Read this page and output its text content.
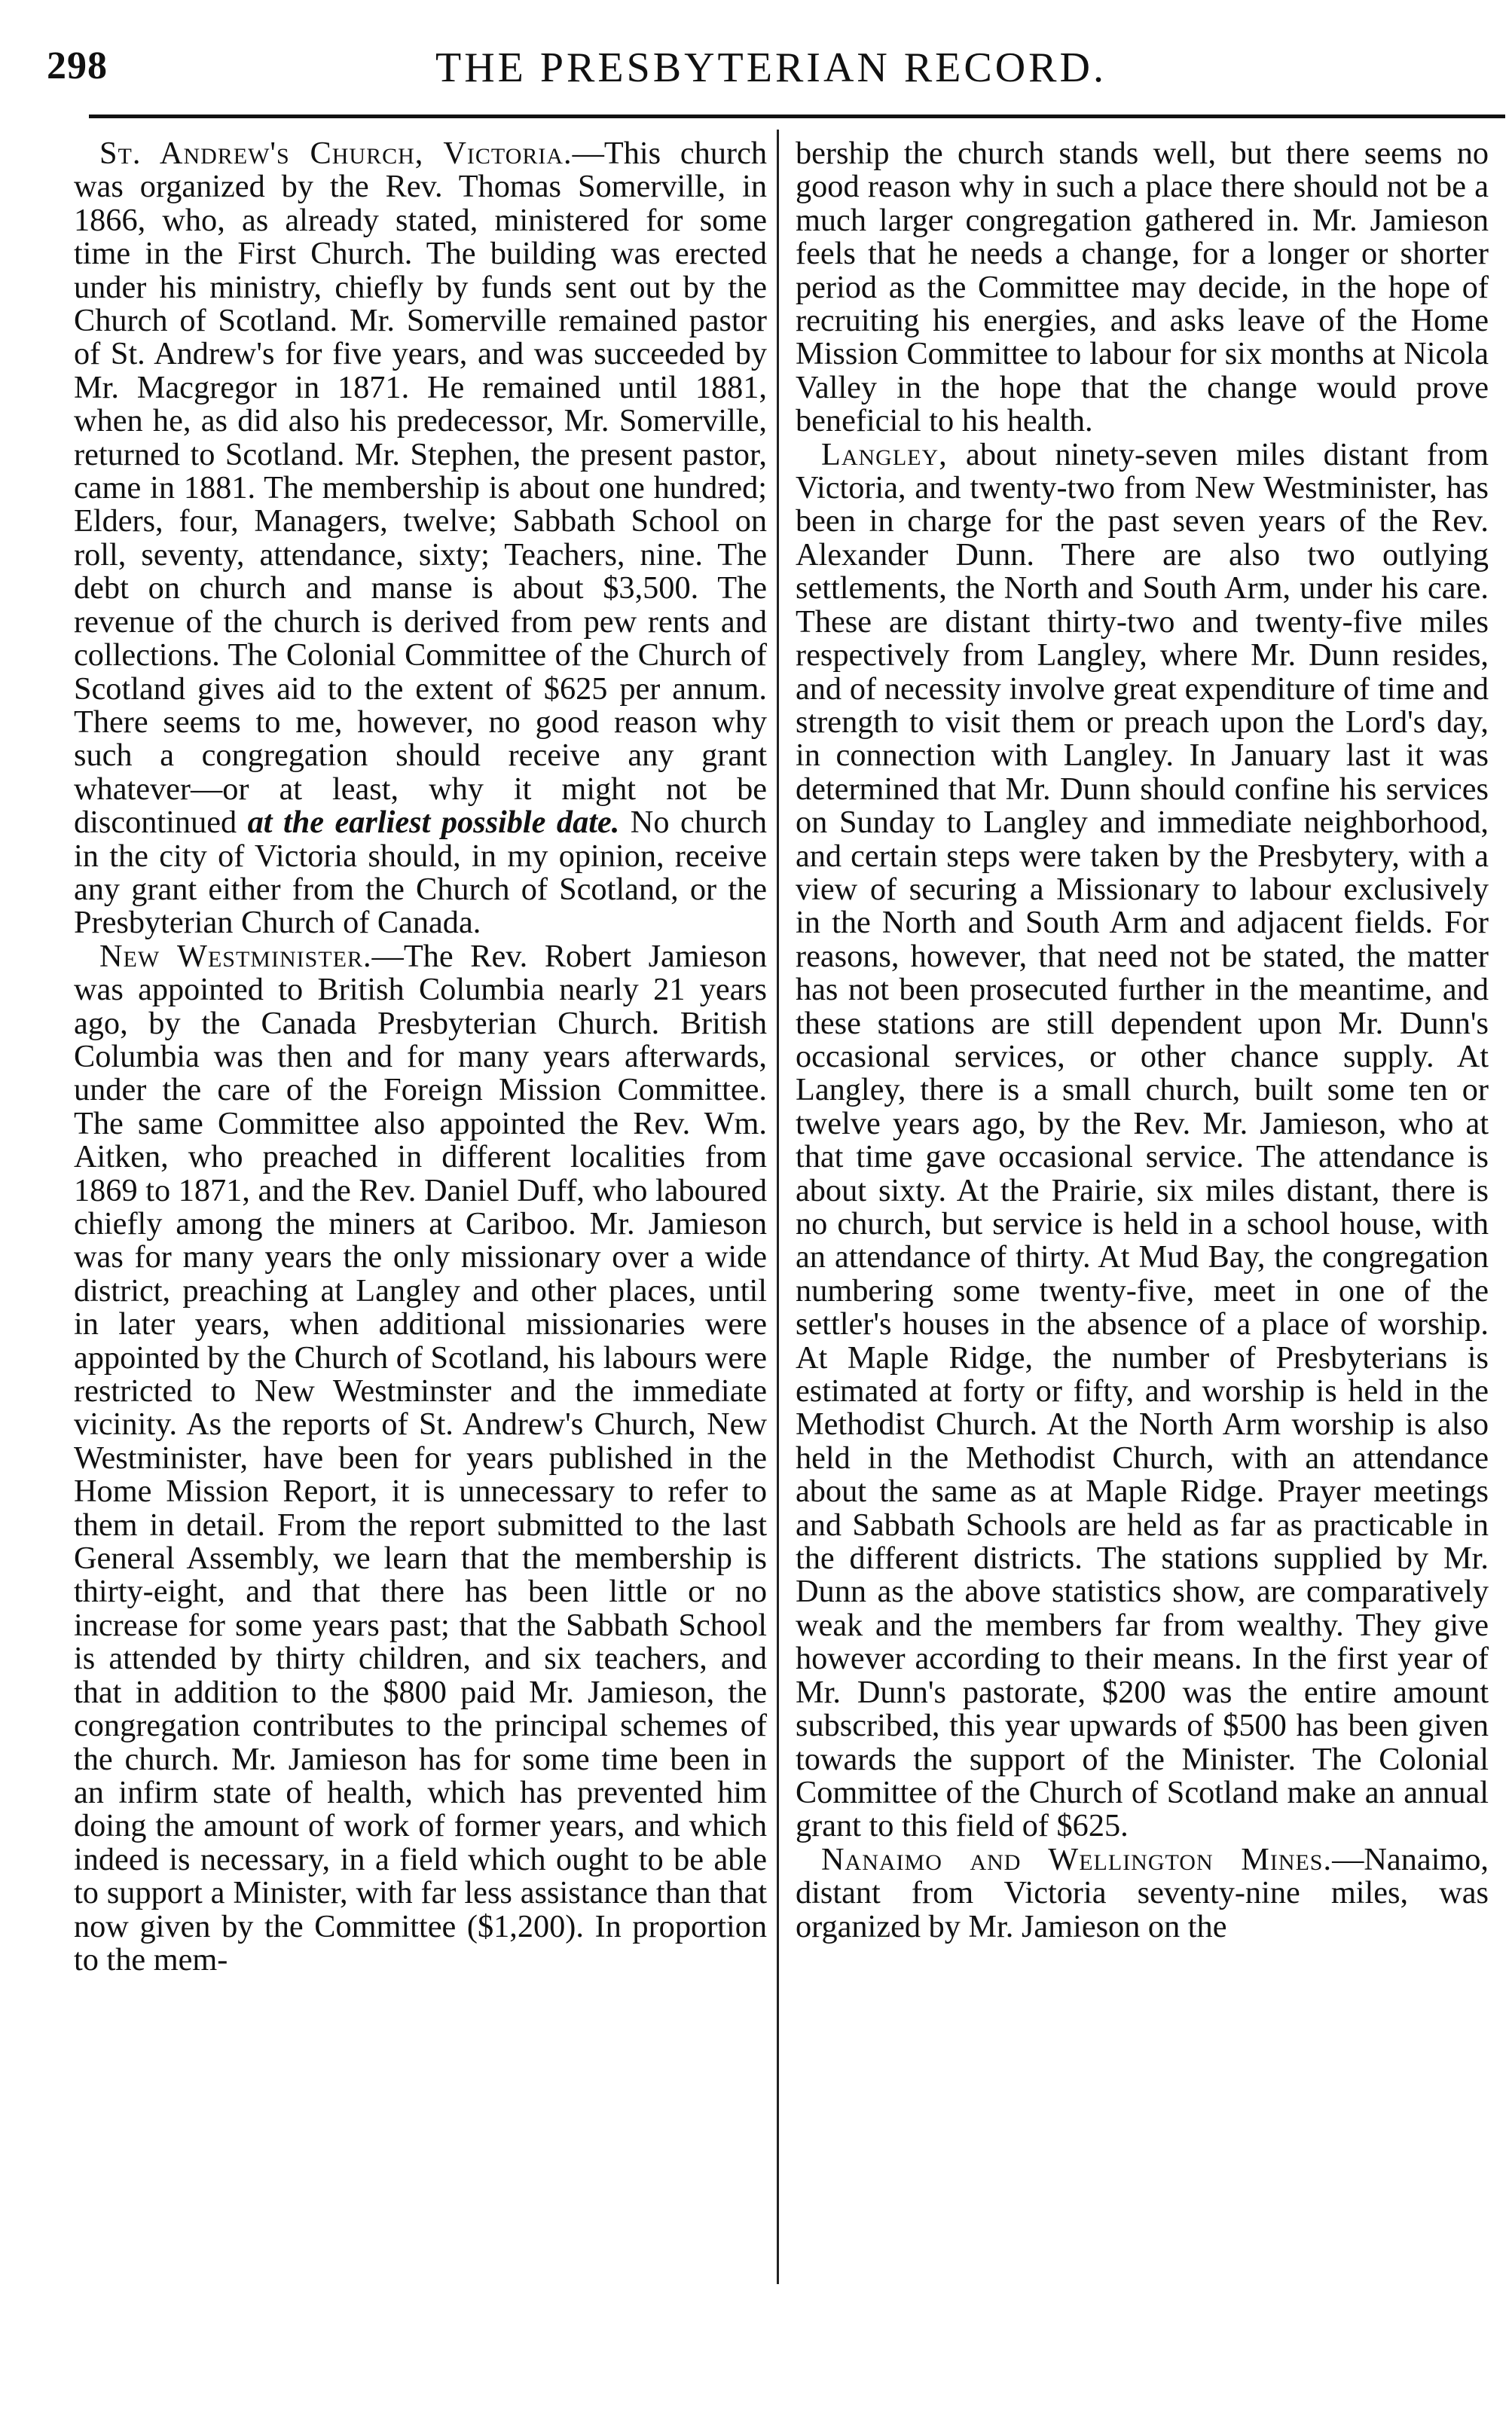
298	THE PRESBYTERIAN RECORD.

St. Andrew's Church, Victoria.—This church was organized by the Rev. Thomas Somerville, in 1866, who, as already stated, ministered for some time in the First Church. The building was erected under his ministry, chiefly by funds sent out by the Church of Scotland. Mr. Somerville remained pastor of St. Andrew's for five years, and was succeeded by Mr. Macgregor in 1871. He remained until 1881, when he, as did also his predecessor, Mr. Somerville, returned to Scotland. Mr. Stephen, the present pastor, came in 1881. The membership is about one hundred; Elders, four, Managers, twelve; Sabbath School on roll, seventy, attendance, sixty; Teachers, nine. The debt on church and manse is about $3,500. The revenue of the church is derived from pew rents and collections. The Colonial Committee of the Church of Scotland gives aid to the extent of $625 per annum. There seems to me, however, no good reason why such a congregation should receive any grant whatever—or at least, why it might not be discontinued at the earliest possible date. No church in the city of Victoria should, in my opinion, receive any grant either from the Church of Scotland, or the Presbyterian Church of Canada.

New Westminister.—The Rev. Robert Jamieson was appointed to British Columbia nearly 21 years ago, by the Canada Presbyterian Church. British Columbia was then and for many years afterwards, under the care of the Foreign Mission Committee. The same Committee also appointed the Rev. Wm. Aitken, who preached in different localities from 1869 to 1871, and the Rev. Daniel Duff, who laboured chiefly among the miners at Cariboo. Mr. Jamieson was for many years the only missionary over a wide district, preaching at Langley and other places, until in later years, when additional missionaries were appointed by the Church of Scotland, his labours were restricted to New Westminster and the immediate vicinity. As the reports of St. Andrew's Church, New Westminister, have been for years published in the Home Mission Report, it is unnecessary to refer to them in detail. From the report submitted to the last General Assembly, we learn that the membership is thirty-eight, and that there has been little or no increase for some years past; that the Sabbath School is attended by thirty children, and six teachers, and that in addition to the $800 paid Mr. Jamieson, the congregation contributes to the principal schemes of the church. Mr. Jamieson has for some time been in an infirm state of health, which has prevented him doing the amount of work of former years, and which indeed is necessary, in a field which ought to be able to support a Minister, with far less assistance than that now given by the Committee ($1,200). In proportion to the mem-

bership the church stands well, but there seems no good reason why in such a place there should not be a much larger congregation gathered in. Mr. Jamieson feels that he needs a change, for a longer or shorter period as the Committee may decide, in the hope of recruiting his energies, and asks leave of the Home Mission Committee to labour for six months at Nicola Valley in the hope that the change would prove beneficial to his health.

Langley, about ninety-seven miles distant from Victoria, and twenty-two from New Westminister, has been in charge for the past seven years of the Rev. Alexander Dunn. There are also two outlying settlements, the North and South Arm, under his care. These are distant thirty-two and twenty-five miles respectively from Langley, where Mr. Dunn resides, and of necessity involve great expenditure of time and strength to visit them or preach upon the Lord's day, in connection with Langley. In January last it was determined that Mr. Dunn should confine his services on Sunday to Langley and immediate neighborhood, and certain steps were taken by the Presbytery, with a view of securing a Missionary to labour exclusively in the North and South Arm and adjacent fields. For reasons, however, that need not be stated, the matter has not been prosecuted further in the meantime, and these stations are still dependent upon Mr. Dunn's occasional services, or other chance supply. At Langley, there is a small church, built some ten or twelve years ago, by the Rev. Mr. Jamieson, who at that time gave occasional service. The attendance is about sixty. At the Prairie, six miles distant, there is no church, but service is held in a school house, with an attendance of thirty. At Mud Bay, the congregation numbering some twenty-five, meet in one of the settler's houses in the absence of a place of worship. At Maple Ridge, the number of Presbyterians is estimated at forty or fifty, and worship is held in the Methodist Church. At the North Arm worship is also held in the Methodist Church, with an attendance about the same as at Maple Ridge. Prayer meetings and Sabbath Schools are held as far as practicable in the different districts. The stations supplied by Mr. Dunn as the above statistics show, are comparatively weak and the members far from wealthy. They give however according to their means. In the first year of Mr. Dunn's pastorate, $200 was the entire amount subscribed, this year upwards of $500 has been given towards the support of the Minister. The Colonial Committee of the Church of Scotland make an annual grant to this field of $625.

Nanaimo and Wellington Mines.—Nanaimo, distant from Victoria seventy-nine miles, was organized by Mr. Jamieson on the
